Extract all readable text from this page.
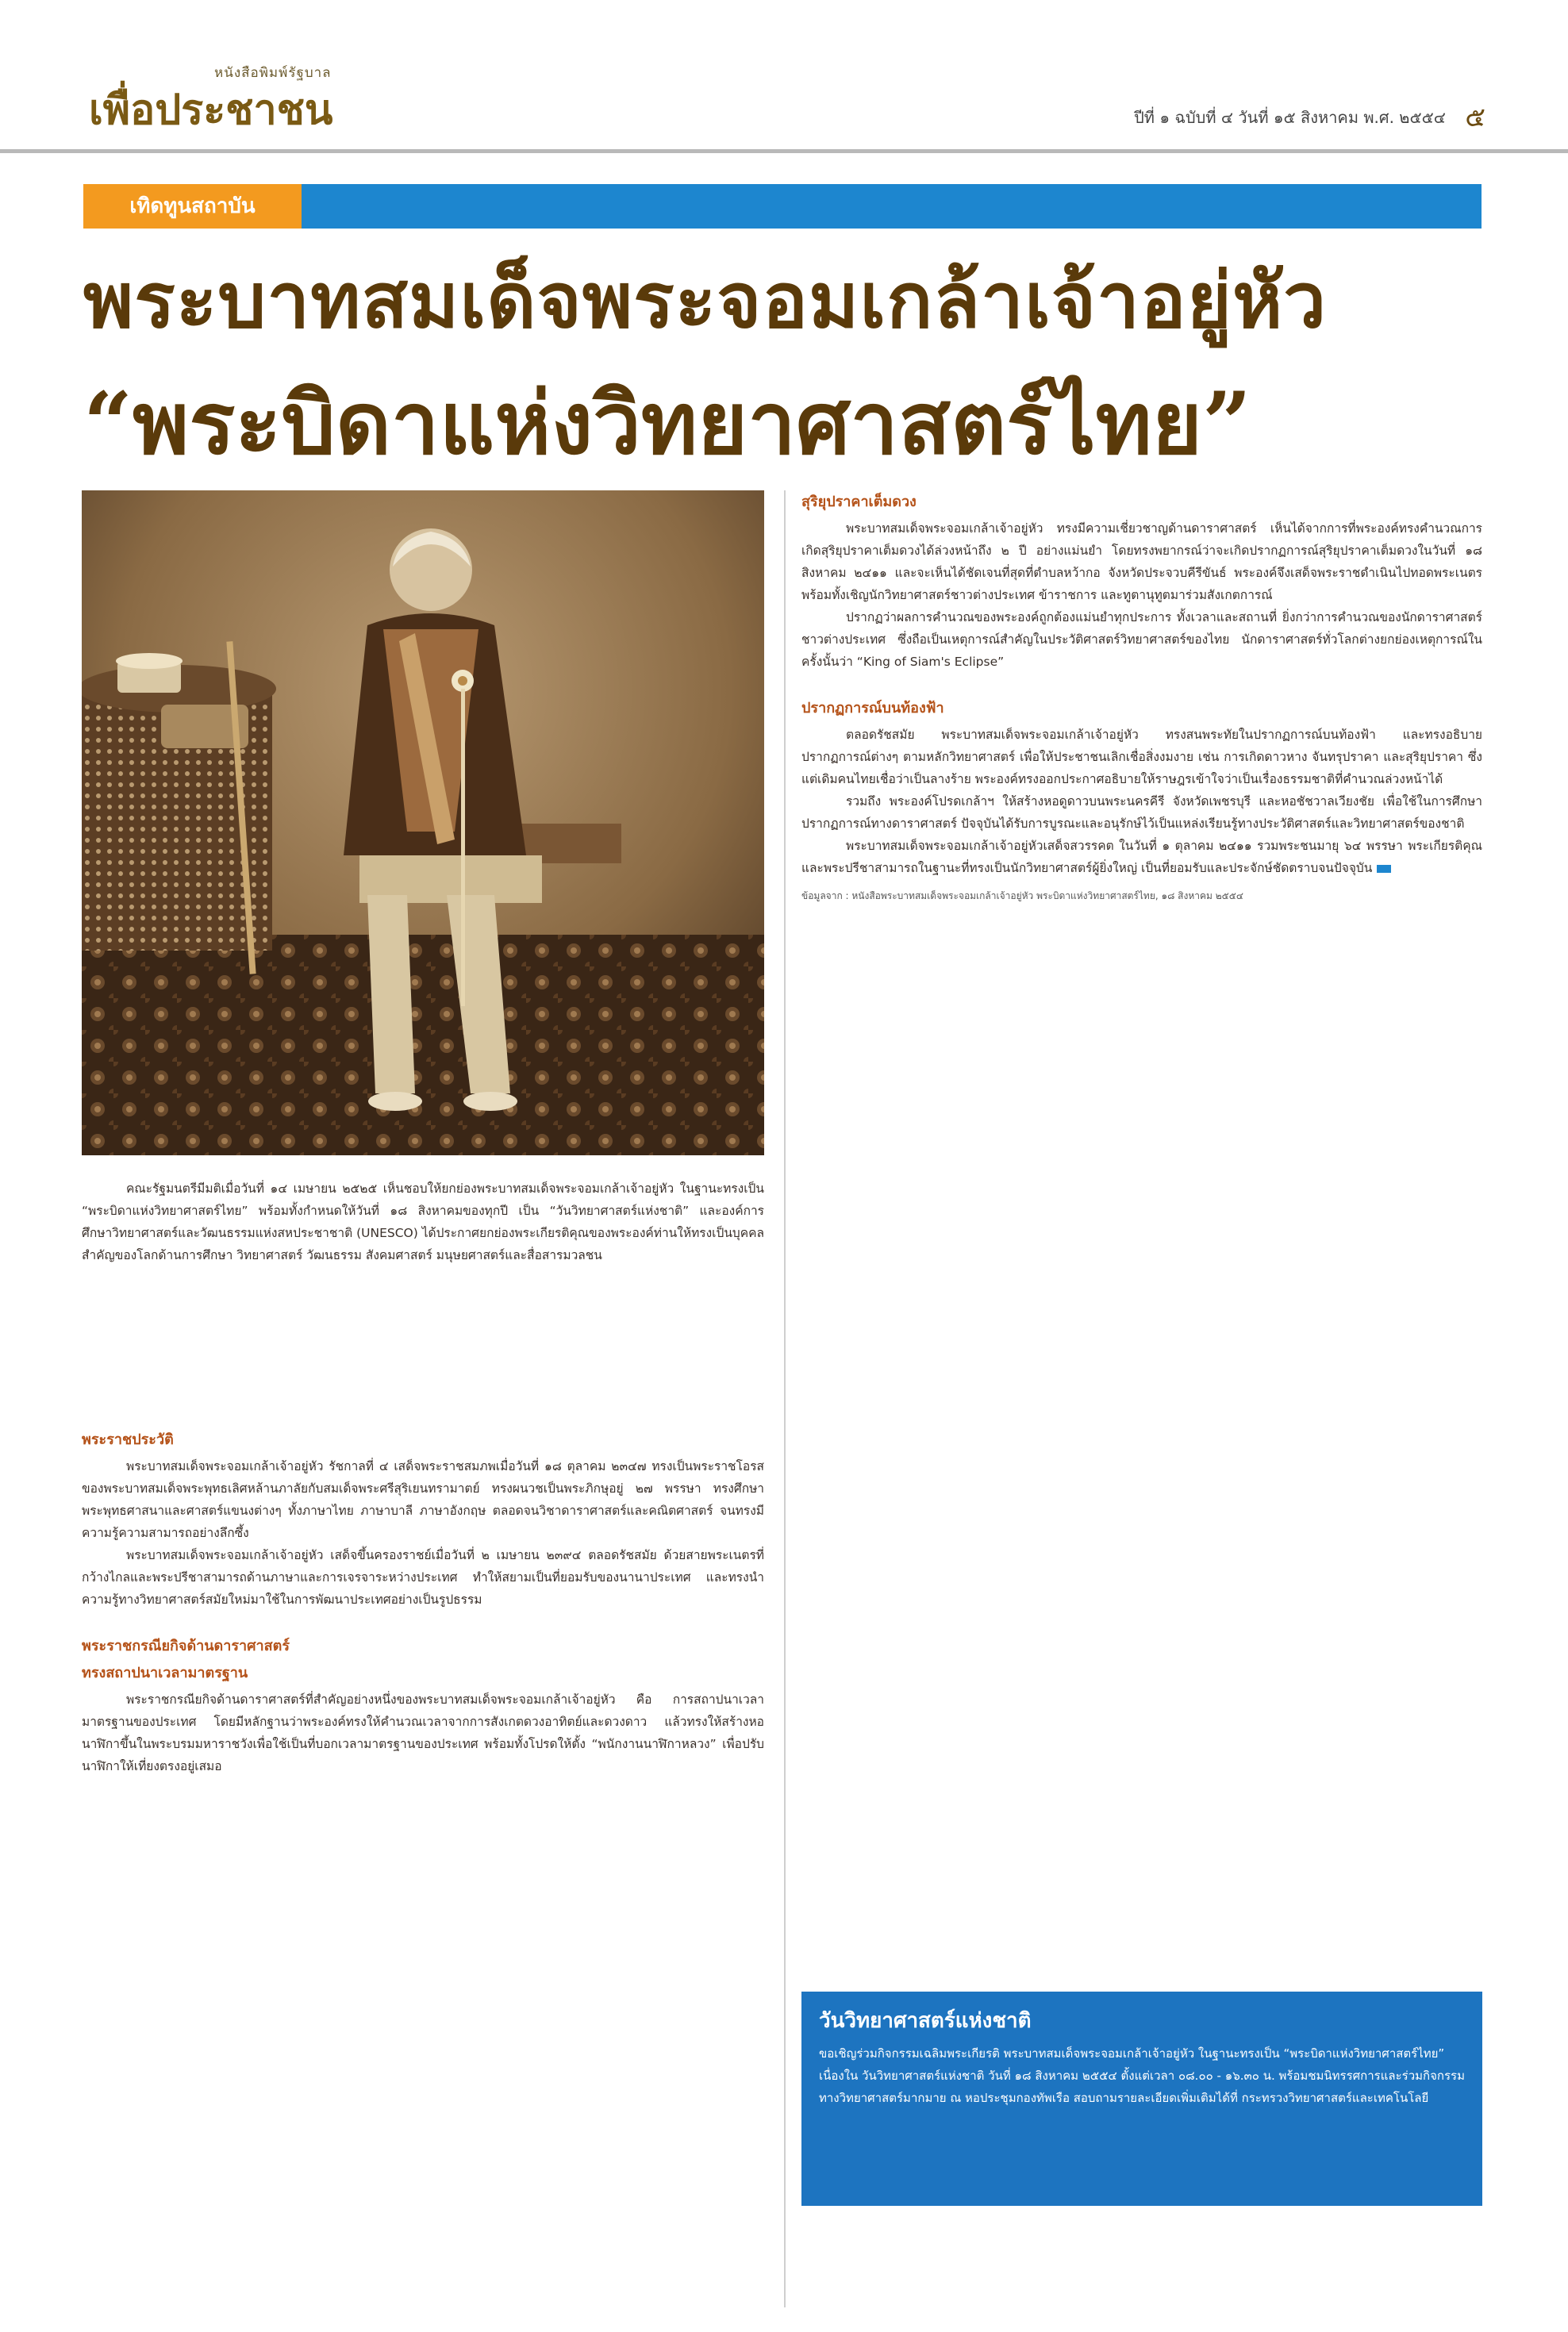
หนังสือพิมพ์รัฐบาล
เพื่อประชาชน	ปีที่ ๑ ฉบับที่ ๔ วันที่ ๑๕ สิงหาคม พ.ศ. ๒๕๕๔ ๕
เทิดทูนสถาบัน
พระบาทสมเด็จพระจอมเกล้าเจ้าอยู่หัว
“พระบิดาแห่งวิทยาศาสตร์ไทย”

คณะรัฐมนตรีมีมติเมื่อวันที่ ๑๔ เมษายน ๒๕๒๕ เห็นชอบให้ยกย่องพระบาทสมเด็จพระจอมเกล้าเจ้าอยู่หัว ในฐานะทรงเป็น “พระบิดาแห่งวิทยาศาสตร์ไทย” พร้อมทั้งกำหนดให้วันที่ ๑๘ สิงหาคมของทุกปี เป็น “วันวิทยาศาสตร์แห่งชาติ” และองค์การศึกษาวิทยาศาสตร์และวัฒนธรรมแห่งสหประชาชาติ (UNESCO) ได้ประกาศยกย่องพระเกียรติคุณของพระองค์ท่านให้ทรงเป็นบุคคลสำคัญของโลกด้านการศึกษา วิทยาศาสตร์ วัฒนธรรม สังคมศาสตร์ มนุษยศาสตร์และสื่อสารมวลชน

พระราชประวัติ

พระบาทสมเด็จพระจอมเกล้าเจ้าอยู่หัว รัชกาลที่ ๔ เสด็จพระราชสมภพเมื่อวันที่ ๑๘ ตุลาคม ๒๓๔๗ ทรงเป็นพระราชโอรสของพระบาทสมเด็จพระพุทธเลิศหล้านภาลัยกับสมเด็จพระศรีสุริเยนทรามาตย์ ทรงผนวชเป็นพระภิกษุอยู่ ๒๗ พรรษา ทรงศึกษาพระพุทธศาสนาและศาสตร์แขนงต่างๆ ทั้งภาษาไทย ภาษาบาลี ภาษาอังกฤษ ตลอดจนวิชาดาราศาสตร์และคณิตศาสตร์ จนทรงมีความรู้ความสามารถอย่างลึกซึ้ง

พระบาทสมเด็จพระจอมเกล้าเจ้าอยู่หัว เสด็จขึ้นครองราชย์เมื่อวันที่ ๒ เมษายน ๒๓๙๔ ตลอดรัชสมัย ด้วยสายพระเนตรที่กว้างไกลและพระปรีชาสามารถด้านภาษาและการเจรจาระหว่างประเทศ ทำให้สยามเป็นที่ยอมรับของนานาประเทศ และทรงนำความรู้ทางวิทยาศาสตร์สมัยใหม่มาใช้ในการพัฒนาประเทศอย่างเป็นรูปธรรม

พระราชกรณียกิจด้านดาราศาสตร์
ทรงสถาปนาเวลามาตรฐาน

พระราชกรณียกิจด้านดาราศาสตร์ที่สำคัญอย่างหนึ่งของพระบาทสมเด็จพระจอมเกล้าเจ้าอยู่หัว คือ การสถาปนาเวลามาตรฐานของประเทศ โดยมีหลักฐานว่าพระองค์ทรงให้คำนวณเวลาจากการสังเกตดวงอาทิตย์และดวงดาว แล้วทรงให้สร้างหอนาฬิกาขึ้นในพระบรมมหาราชวังเพื่อใช้เป็นที่บอกเวลามาตรฐานของประเทศ พร้อมทั้งโปรดให้ตั้ง “พนักงานนาฬิกาหลวง” เพื่อปรับนาฬิกาให้เที่ยงตรงอยู่เสมอ

สุริยุปราคาเต็มดวง

พระบาทสมเด็จพระจอมเกล้าเจ้าอยู่หัว ทรงมีความเชี่ยวชาญด้านดาราศาสตร์ เห็นได้จากการที่พระองค์ทรงคำนวณการเกิดสุริยุปราคาเต็มดวงได้ล่วงหน้าถึง ๒ ปี อย่างแม่นยำ โดยทรงพยากรณ์ว่าจะเกิดปรากฏการณ์สุริยุปราคาเต็มดวงในวันที่ ๑๘ สิงหาคม ๒๔๑๑ และจะเห็นได้ชัดเจนที่สุดที่ตำบลหว้ากอ จังหวัดประจวบคีรีขันธ์ พระองค์จึงเสด็จพระราชดำเนินไปทอดพระเนตร พร้อมทั้งเชิญนักวิทยาศาสตร์ชาวต่างประเทศ ข้าราชการ และทูตานุทูตมาร่วมสังเกตการณ์

ปรากฏว่าผลการคำนวณของพระองค์ถูกต้องแม่นยำทุกประการ ทั้งเวลาและสถานที่ ยิ่งกว่าการคำนวณของนักดาราศาสตร์ชาวต่างประเทศ ซึ่งถือเป็นเหตุการณ์สำคัญในประวัติศาสตร์วิทยาศาสตร์ของไทย นักดาราศาสตร์ทั่วโลกต่างยกย่องเหตุการณ์ในครั้งนั้นว่า “King of Siam's Eclipse”

ปรากฏการณ์บนท้องฟ้า

ตลอดรัชสมัย พระบาทสมเด็จพระจอมเกล้าเจ้าอยู่หัว ทรงสนพระทัยในปรากฏการณ์บนท้องฟ้า และทรงอธิบายปรากฏการณ์ต่างๆ ตามหลักวิทยาศาสตร์ เพื่อให้ประชาชนเลิกเชื่อสิ่งงมงาย เช่น การเกิดดาวหาง จันทรุปราคา และสุริยุปราคา ซึ่งแต่เดิมคนไทยเชื่อว่าเป็นลางร้าย พระองค์ทรงออกประกาศอธิบายให้ราษฎรเข้าใจว่าเป็นเรื่องธรรมชาติที่คำนวณล่วงหน้าได้

รวมถึง พระองค์โปรดเกล้าฯ ให้สร้างหอดูดาวบนพระนครคีรี จังหวัดเพชรบุรี และหอชัชวาลเวียงชัย เพื่อใช้ในการศึกษาปรากฏการณ์ทางดาราศาสตร์ ปัจจุบันได้รับการบูรณะและอนุรักษ์ไว้เป็นแหล่งเรียนรู้ทางประวัติศาสตร์และวิทยาศาสตร์ของชาติ

พระบาทสมเด็จพระจอมเกล้าเจ้าอยู่หัวเสด็จสวรรคต ในวันที่ ๑ ตุลาคม ๒๔๑๑ รวมพระชนมายุ ๖๔ พรรษา พระเกียรติคุณและพระปรีชาสามารถในฐานะที่ทรงเป็นนักวิทยาศาสตร์ผู้ยิ่งใหญ่ เป็นที่ยอมรับและประจักษ์ชัดตราบจนปัจจุบัน

ข้อมูลจาก : หนังสือพระบาทสมเด็จพระจอมเกล้าเจ้าอยู่หัว พระบิดาแห่งวิทยาศาสตร์ไทย, ๑๘ สิงหาคม ๒๕๕๔

วันวิทยาศาสตร์แห่งชาติ
ขอเชิญร่วมกิจกรรมเฉลิมพระเกียรติ พระบาทสมเด็จพระจอมเกล้าเจ้าอยู่หัว ในฐานะทรงเป็น “พระบิดาแห่งวิทยาศาสตร์ไทย” เนื่องใน วันวิทยาศาสตร์แห่งชาติ วันที่ ๑๘ สิงหาคม ๒๕๕๔ ตั้งแต่เวลา ๐๘.๐๐ - ๑๖.๓๐ น. พร้อมชมนิทรรศการและร่วมกิจกรรมทางวิทยาศาสตร์มากมาย ณ หอประชุมกองทัพเรือ สอบถามรายละเอียดเพิ่มเติมได้ที่ กระทรวงวิทยาศาสตร์และเทคโนโลยี
